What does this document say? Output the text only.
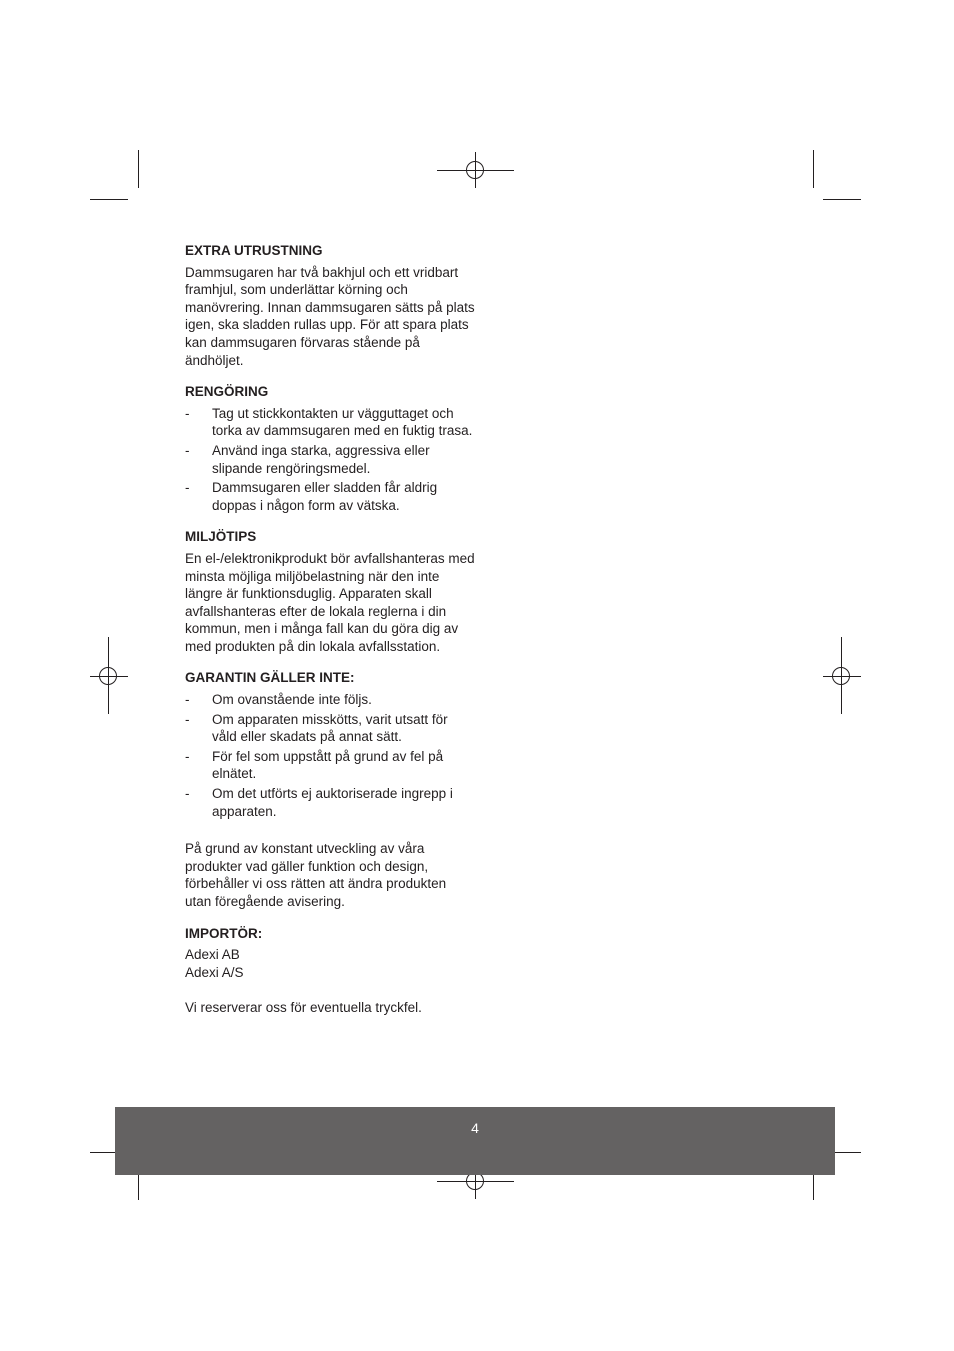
EXTRA UTRUSTNING
Dammsugaren har två bakhjul och ett vridbart framhjul, som underlättar körning och manövrering. Innan dammsugaren sätts på plats igen, ska sladden rullas upp. För att spara plats kan dammsugaren förvaras stående på ändhöljet.
RENGÖRING
- Tag ut stickkontakten ur vägguttaget och torka av dammsugaren med en fuktig trasa.
- Använd inga starka, aggressiva eller slipande rengöringsmedel.
- Dammsugaren eller sladden får aldrig doppas i någon form av vätska.
MILJÖTIPS
En el-/elektronikprodukt bör avfallshanteras med minsta möjliga miljöbelastning när den inte längre är funktionsduglig. Apparaten skall avfallshanteras efter de lokala reglerna i din kommun, men i många fall kan du göra dig av med produkten på din lokala avfallsstation.
GARANTIN GÄLLER INTE:
- Om ovanstående inte följs.
- Om apparaten misskötts, varit utsatt för våld eller skadats på annat sätt.
- För fel som uppstått på grund av fel på elnätet.
- Om det utförts ej auktoriserade ingrepp i apparaten.
På grund av konstant utveckling av våra produkter vad gäller funktion och design, förbehåller vi oss rätten att ändra produkten utan föregående avisering.
IMPORTÖR:
Adexi AB
Adexi A/S
Vi reserverar oss för eventuella tryckfel.
4
